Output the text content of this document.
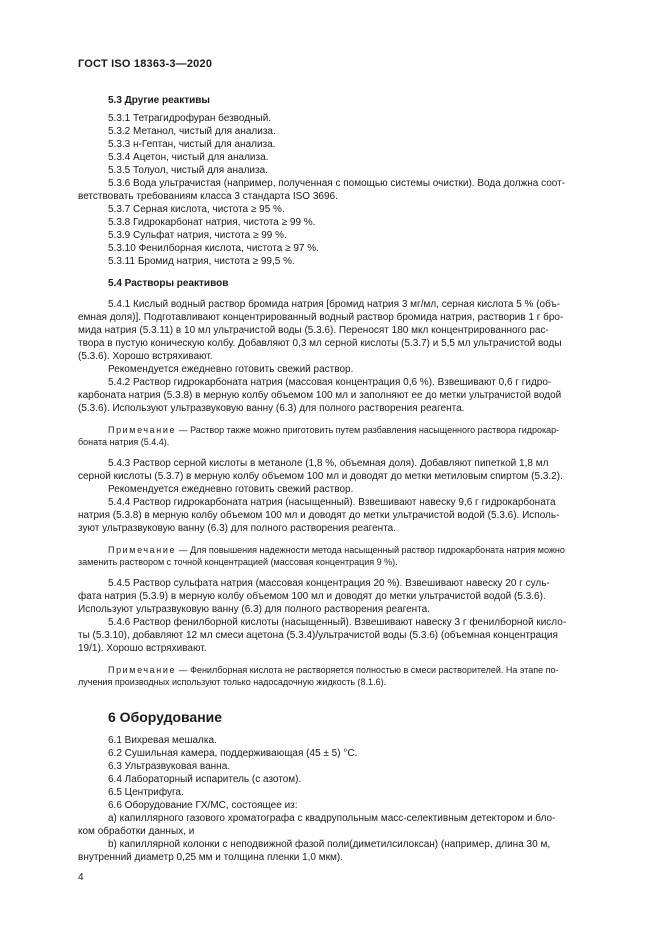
ГОСТ ISO 18363-3—2020
5.3 Другие реактивы
5.3.1 Тетрагидрофуран безводный.
5.3.2 Метанол, чистый для анализа.
5.3.3 н-Гептан, чистый для анализа.
5.3.4 Ацетон, чистый для анализа.
5.3.5 Толуол, чистый для анализа.
5.3.6 Вода ультрачистая (например, полученная с помощью системы очистки). Вода должна соот-
ветствовать требованиям класса 3 стандарта ISO 3696.
5.3.7 Серная кислота, чистота ≥ 95 %.
5.3.8 Гидрокарбонат натрия, чистота ≥ 99 %.
5.3.9 Сульфат натрия, чистота ≥ 99 %.
5.3.10 Фенилборная кислота, чистота ≥ 97 %.
5.3.11 Бромид натрия, чистота ≥ 99,5 %.
5.4 Растворы реактивов
5.4.1 Кислый водный раствор бромида натрия [бромид натрия 3 мг/мл, серная кислота 5 % (объ-
емная доля)]. Подготавливают концентрированный водный раствор бромида натрия, растворив 1 г бро-
мида натрия (5.3.11) в 10 мл ультрачистой воды (5.3.6). Переносят 180 мкл концентрированного рас-
твора в пустую коническую колбу. Добавляют 0,3 мл серной кислоты (5.3.7) и 5,5 мл ультрачистой воды
(5.3.6). Хорошо встряхивают.
Рекомендуется ежедневно готовить свежий раствор.
5.4.2 Раствор гидрокарбоната натрия (массовая концентрация 0,6 %). Взвешивают 0,6 г гидро-
карбоната натрия (5.3.8) в мерную колбу объемом 100 мл и заполняют ее до метки ультрачистой водой
(5.3.6). Используют ультразвуковую ванну (6.3) для полного растворения реагента.
Примечание — Раствор также можно приготовить путем разбавления насыщенного раствора гидрокар-
боната натрия (5.4.4).
5.4.3 Раствор серной кислоты в метаноле (1,8 %, объемная доля). Добавляют пипеткой 1,8 мл
серной кислоты (5.3.7) в мерную колбу объемом 100 мл и доводят до метки метиловым спиртом (5.3.2).
Рекомендуется ежедневно готовить свежий раствор.
5.4.4 Раствор гидрокарбоната натрия (насыщенный). Взвешивают навеску 9,6 г гидрокарбоната
натрия (5.3.8) в мерную колбу объемом 100 мл и доводят до метки ультрачистой водой (5.3.6). Исполь-
зуют ультразвуковую ванну (6.3) для полного растворения реагента.
Примечание — Для повышения надежности метода насыщенный раствор гидрокарбоната натрия можно
заменить раствором с точной концентрацией (массовая концентрация 9 %).
5.4.5 Раствор сульфата натрия (массовая концентрация 20 %). Взвешивают навеску 20 г суль-
фата натрия (5.3.9) в мерную колбу объемом 100 мл и доводят до метки ультрачистой водой (5.3.6).
Используют ультразвуковую ванну (6.3) для полного растворения реагента.
5.4.6 Раствор фенилборной кислоты (насыщенный). Взвешивают навеску 3 г фенилборной кисло-
ты (5.3.10), добавляют 12 мл смеси ацетона (5.3.4)/ультрачистой воды (5.3.6) (объемная концентрация
19/1). Хорошо встряхивают.
Примечание — Фенилборная кислота не растворяется полностью в смеси растворителей. На этапе по-
лучения производных используют только надосадочную жидкость (8.1.6).
6 Оборудование
6.1 Вихревая мешалка.
6.2 Сушильная камера, поддерживающая (45 ± 5) °С.
6.3 Ультразвуковая ванна.
6.4 Лабораторный испаритель (с азотом).
6.5 Центрифуга.
6.6 Оборудование ГХ/МС, состоящее из:
а) капиллярного газового хроматографа с квадрупольным масс-селективным детектором и бло-
ком обработки данных, и
b) капиллярной колонки с неподвижной фазой поли(диметилсилоксан) (например, длина 30 м,
внутренний диаметр 0,25 мм и толщина пленки 1,0 мкм).
4
